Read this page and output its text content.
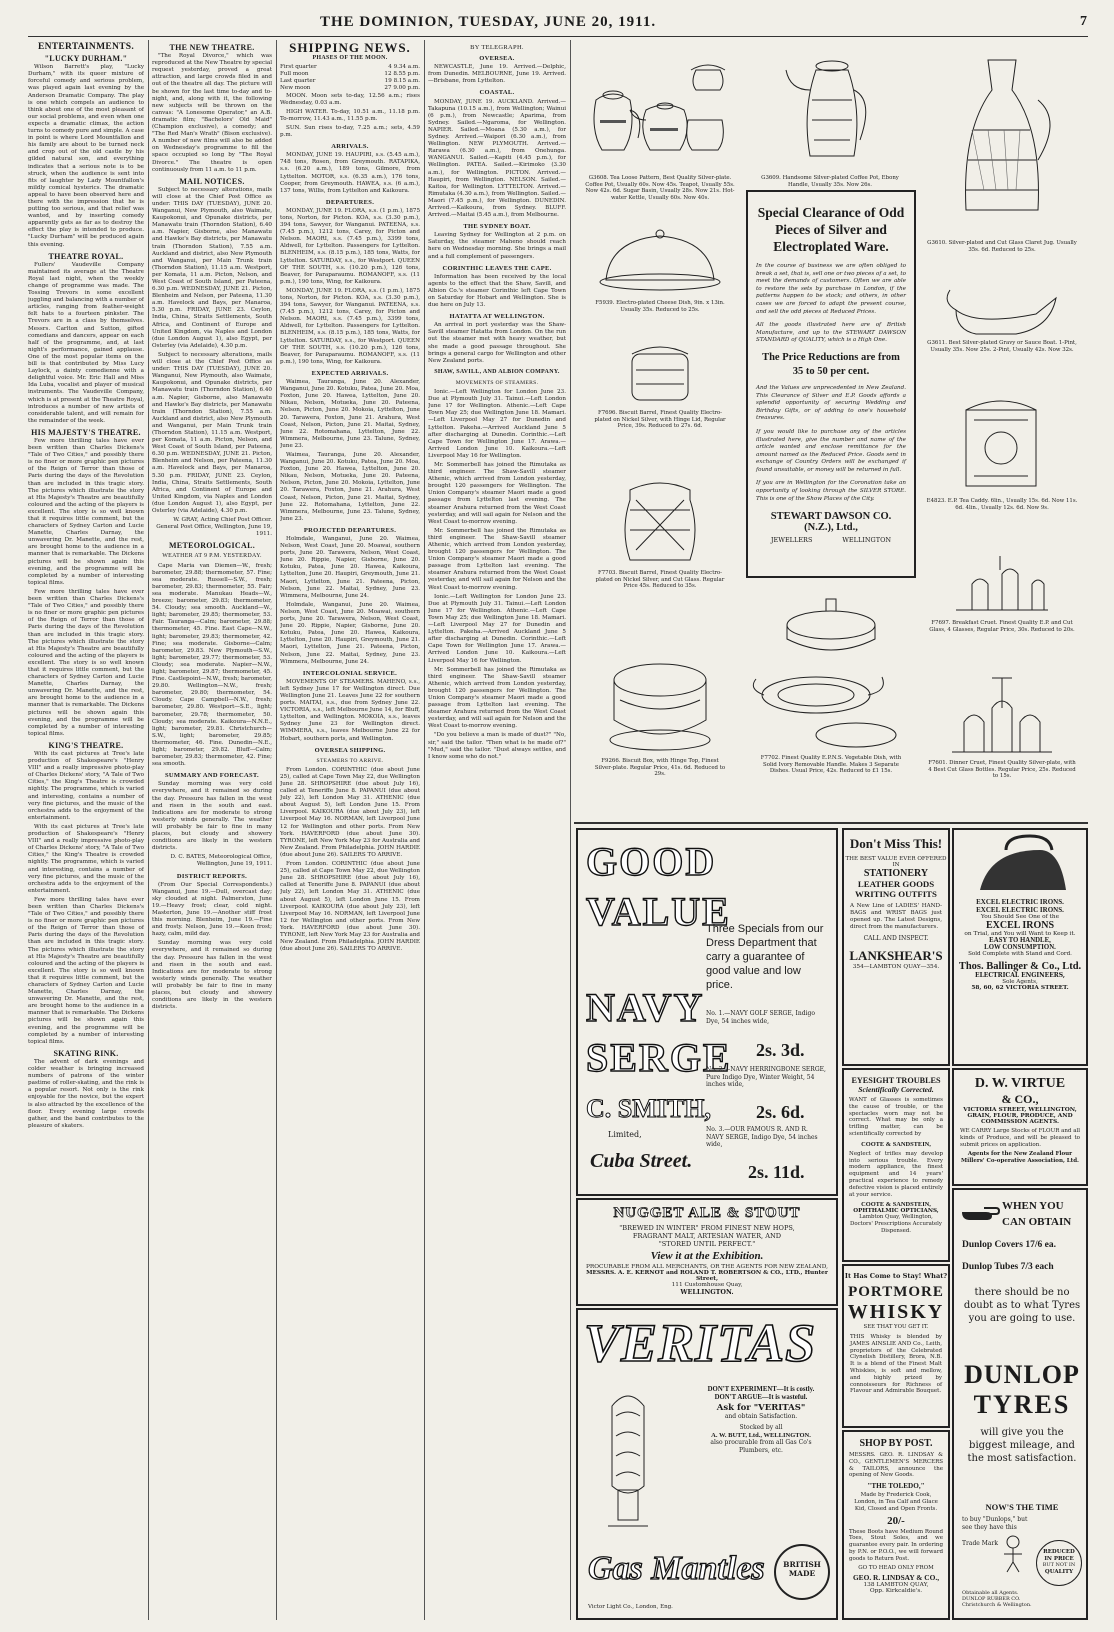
THE DOMINION, TUESDAY, JUNE 20, 1911.	7
ENTERTAINMENTS.
"LUCKY DURHAM."

Wilson Barrett's play, "Lucky Durham," with its queer mixture of forceful comedy and serious problem, was played again last evening by the Anderson Dramatic Company. The play is one which compels an audience to think about one of the most pleasant of our social problems, and even when one expects a dramatic climax, the action turns to comedy pure and simple. A case in point is where Lord Mountfallon and his family are about to be turned neck and crop out of the old castle by his gilded natural son, and everything indicates that a serious note is to be struck, when the audience is sent into fits of laughter by Lady Mountfallon's mildly comical hysterics. The dramatic appeal to have been observed here and there with the impression that he is putting too serious, and that relief was wanted, and by inserting comedy apparently gets as far as to destroy the effect the play is intended to produce. "Lucky Durham" will be produced again this evening.

THEATRE ROYAL.

Fullers' Vaudeville Company maintained its average at the Theatre Royal last night, when the weekly change of programme was made. The Tossing Trevors in some excellent juggling and balancing with a number of articles, ranging from feather-weight felt hats to a fourteen pinkster. The Trevors are in a class by themselves. Messrs. Carlton and Sutton, gifted comedians and dancers, appear on each half of the programme, and, at last night's performance, gained applause. One of the most popular items on the bill is that contributed by Miss Lucy Laylock, a dainty comedienne with a delightful voice. Mr. Eric Hall and Miss Ida Luba, vocalist and player of musical instruments. The Vaudeville Company, which is at present at the Theatre Royal, introduces a number of new artists of considerable talent, and will remain for the remainder of the week.

HIS MAJESTY'S THEATRE.

Few more thrilling tales have ever been written than Charles Dickens's "Tale of Two Cities," and possibly there is no finer or more graphic pen pictures of the Reign of Terror than those of Paris during the days of the Revolution than are included in this tragic story. The pictures which illustrate the story at His Majesty's Theatre are beautifully coloured and the acting of the players is excellent. The story is so well known that it requires little comment, but the characters of Sydney Carton and Lucie Manette, Charles Darnay, the unwavering Dr. Manette, and the rest, are brought home to the audience in a manner that is remarkable. The Dickens pictures will be shown again this evening, and the programme will be completed by a number of interesting topical films.

Few more thrilling tales have ever been written than Charles Dickens's "Tale of Two Cities," and possibly there is no finer or more graphic pen pictures of the Reign of Terror than those of Paris during the days of the Revolution than are included in this tragic story. The pictures which illustrate the story at His Majesty's Theatre are beautifully coloured and the acting of the players is excellent. The story is so well known that it requires little comment, but the characters of Sydney Carton and Lucie Manette, Charles Darnay, the unwavering Dr. Manette, and the rest, are brought home to the audience in a manner that is remarkable. The Dickens pictures will be shown again this evening, and the programme will be completed by a number of interesting topical films.

KING'S THEATRE.

With its cast pictures at Tree's late production of Shakespeare's "Henry VIII" and a really impressive photo-play of Charles Dickens' story, "A Tale of Two Cities," the King's Theatre is crowded nightly. The programme, which is varied and interesting, contains a number of very fine pictures, and the music of the orchestra adds to the enjoyment of the entertainment.

With its cast pictures at Tree's late production of Shakespeare's "Henry VIII" and a really impressive photo-play of Charles Dickens' story, "A Tale of Two Cities," the King's Theatre is crowded nightly. The programme, which is varied and interesting, contains a number of very fine pictures, and the music of the orchestra adds to the enjoyment of the entertainment.

Few more thrilling tales have ever been written than Charles Dickens's "Tale of Two Cities," and possibly there is no finer or more graphic pen pictures of the Reign of Terror than those of Paris during the days of the Revolution than are included in this tragic story. The pictures which illustrate the story at His Majesty's Theatre are beautifully coloured and the acting of the players is excellent. The story is so well known that it requires little comment, but the characters of Sydney Carton and Lucie Manette, Charles Darnay, the unwavering Dr. Manette, and the rest, are brought home to the audience in a manner that is remarkable. The Dickens pictures will be shown again this evening, and the programme will be completed by a number of interesting topical films.

SKATING RINK.

The advent of dark evenings and colder weather is bringing increased numbers of patrons of the winter pastime of roller-skating, and the rink is a popular resort. Not only is the rink enjoyable for the novice, but the expert is also attracted by the excellence of the floor. Every evening large crowds gather, and the band contributes to the pleasure of skaters.

THE NEW THEATRE.

"The Royal Divorce," which was reproduced at the New Theatre by special request yesterday, proved a great attraction, and large crowds filed in and out of the theatre all day. The picture will be shown for the last time to-day and to-night, and, along with it, the following new subjects will be thrown on the canvas: "A Lonesome Operator," an A.B. dramatic film; "Bachelors' Old Maid" (Champion exclusive), a comedy; and "The Red Man's Wrath" (Bison exclusive). A number of new films will also be added on Wednesday's programme to fill the space occupied so long by "The Royal Divorce." The theatre is open continuously from 11 a.m. to 11 p.m.

MAIL NOTICES.

Subject to necessary alterations, mails will close at the Chief Post Office as under: THIS DAY (TUESDAY), JUNE 20. Wanganui, New Plymouth, also Waimate, Kaupokonui, and Opunake districts, per Manawatu train (Thorndon Station), 6.40 a.m. Napier, Gisborne, also Manawatu and Hawke's Bay districts, per Manawatu train (Thorndon Station), 7.55 a.m. Auckland and district, also New Plymouth and Wanganui, per Main Trunk train (Thorndon Station), 11.15 a.m. Westport, per Komata, 11 a.m. Picton, Nelson, and West Coast of South Island, per Pateena, 6.30 p.m. WEDNESDAY, JUNE 21. Picton, Blenheim and Nelson, per Pateena, 11.30 a.m. Havelock and Bays, per Manaroa, 5.30 p.m. FRIDAY, JUNE 23. Ceylon, India, China, Straits Settlements, South Africa, and Continent of Europe and United Kingdom, via Naples and London (due London August 1), also Egypt, per Osterley (via Adelaide), 4.30 p.m.

Subject to necessary alterations, mails will close at the Chief Post Office as under: THIS DAY (TUESDAY), JUNE 20. Wanganui, New Plymouth, also Waimate, Kaupokonui, and Opunake districts, per Manawatu train (Thorndon Station), 6.40 a.m. Napier, Gisborne, also Manawatu and Hawke's Bay districts, per Manawatu train (Thorndon Station), 7.55 a.m. Auckland and district, also New Plymouth and Wanganui, per Main Trunk train (Thorndon Station), 11.15 a.m. Westport, per Komata, 11 a.m. Picton, Nelson, and West Coast of South Island, per Pateena, 6.30 p.m. WEDNESDAY, JUNE 21. Picton, Blenheim and Nelson, per Pateena, 11.30 a.m. Havelock and Bays, per Manaroa, 5.30 p.m. FRIDAY, JUNE 23. Ceylon, India, China, Straits Settlements, South Africa, and Continent of Europe and United Kingdom, via Naples and London (due London August 1), also Egypt, per Osterley (via Adelaide), 4.30 p.m.

W. GRAY, Acting Chief Post Officer. General Post Office, Wellington, June 19, 1911.

METEOROLOGICAL.
WEATHER AT 9 P.M. YESTERDAY.

Cape Maria van Diemen—W., fresh; barometer, 29.88; thermometer, 57. Fine; sea moderate. Russell—S.W., fresh; barometer, 29.83; thermometer, 55. Fair; sea moderate. Manukau Heads—W., breeze; barometer, 29.83; thermometer, 54. Cloudy; sea smooth. Auckland—W., light; barometer, 29.85; thermometer, 53. Fair. Tauranga—Calm; barometer, 29.88; thermometer, 45. Fine. East Cape—N.W., light; barometer, 29.83; thermometer, 42. Fine; sea moderate. Gisborne—Calm; barometer, 29.83. New Plymouth—S.W., light; barometer, 29.77; thermometer, 53. Cloudy; sea moderate. Napier—N.W., light; barometer, 29.87; thermometer, 45. Fine. Castlepoint—N.W., fresh; barometer, 29.80. Wellington—N.W., fresh; barometer, 29.80; thermometer, 54. Cloudy. Cape Campbell—N.W., fresh; barometer, 29.80. Westport—S.E., light; barometer, 29.78; thermometer, 50. Cloudy; sea moderate. Kaikoura—N.N.E., light; barometer, 29.81. Christchurch—S.W., light; barometer, 29.85; thermometer, 46. Fine. Dunedin—N.E., light; barometer, 29.82. Bluff—Calm; barometer, 29.83; thermometer, 42. Fine; sea smooth.

SUMMARY AND FORECAST.

Sunday morning was very cold everywhere, and it remained so during the day. Pressure has fallen in the west and risen in the south and east. Indications are for moderate to strong westerly winds generally. The weather will probably be fair to fine in many places, but cloudy and showery conditions are likely in the western districts.

D. C. BATES, Meteorological Office, Wellington, June 19, 1911.

DISTRICT REPORTS.

(From Our Special Correspondents.) Wanganui, June 19.—Dull, overcast day; sky clouded at night. Palmerston, June 19.—Heavy frost; clear, cold night. Masterton, June 19.—Another stiff frost this morning. Blenheim, June 19.—Fine and frosty. Nelson, June 19.—Keen frost; hazy, calm, mild day.

Sunday morning was very cold everywhere, and it remained so during the day. Pressure has fallen in the west and risen in the south and east. Indications are for moderate to strong westerly winds generally. The weather will probably be fair to fine in many places, but cloudy and showery conditions are likely in the western districts.

SHIPPING NEWS.
PHASES OF THE MOON.
First quarter	4 9.34 a.m.
Full moon	12 8.55 p.m.
Last quarter	19 8.15 a.m.
New moon	27 9.00 p.m.

MOON. Moon sets to-day, 12.56 a.m.; rises Wednesday, 0.03 a.m.

HIGH WATER. To-day, 10.51 a.m., 11.18 p.m. To-morrow, 11.43 a.m., 11.55 p.m.

SUN. Sun rises to-day, 7.25 a.m.; sets, 4.59 p.m.

ARRIVALS.

MONDAY, JUNE 19. HAUPIRI, s.s. (5.45 a.m.), 748 tons, Rosen, from Greymouth. RATAPIKA, s.s. (6.20 a.m.), 189 tons, Gilmore, from Lyttelton. MOTOR, s.s. (6.35 a.m.), 176 tons, Cooper, from Greymouth. HAWEA, s.s. (6 a.m.), 137 tons, Willis, from Lyttelton and Kaikoura.

DEPARTURES.

MONDAY, JUNE 19. FLORA, s.s. (1 p.m.), 1875 tons, Norton, for Picton. KOA, s.s. (3.30 p.m.), 394 tons, Sawyer, for Wanganui. PATEENA, s.s. (7.45 p.m.), 1212 tons, Carey, for Picton and Nelson. MAORI, s.s. (7.45 p.m.), 3399 tons, Aldwell, for Lyttelton. Passengers for Lyttelton. BLENHEIM, s.s. (8.15 p.m.), 185 tons, Watts, for Lyttelton. SATURDAY, s.s., for Westport. QUEEN OF THE SOUTH, s.s. (10.20 p.m.), 126 tons, Beaver, for Paraparaumu. ROMANOFF, s.s. (11 p.m.), 190 tons, Wing, for Kaikoura.

MONDAY, JUNE 19. FLORA, s.s. (1 p.m.), 1875 tons, Norton, for Picton. KOA, s.s. (3.30 p.m.), 394 tons, Sawyer, for Wanganui. PATEENA, s.s. (7.45 p.m.), 1212 tons, Carey, for Picton and Nelson. MAORI, s.s. (7.45 p.m.), 3399 tons, Aldwell, for Lyttelton. Passengers for Lyttelton. BLENHEIM, s.s. (8.15 p.m.), 185 tons, Watts, for Lyttelton. SATURDAY, s.s., for Westport. QUEEN OF THE SOUTH, s.s. (10.20 p.m.), 126 tons, Beaver, for Paraparaumu. ROMANOFF, s.s. (11 p.m.), 190 tons, Wing, for Kaikoura.

EXPECTED ARRIVALS.

Waimea, Tauranga, June 20. Alexander, Wanganui, June 20. Kotuku, Patea, June 20. Moa, Foxton, June 20. Hawea, Lyttelton, June 20. Nikau, Nelson, Motueka, June 20. Pateena, Nelson, Picton, June 20. Mokoia, Lyttelton, June 20. Tarawera, Foxton, June 21. Arahura, West Coast, Nelson, Picton, June 21. Maitai, Sydney, June 22. Rotomahana, Lyttelton, June 22. Wimmera, Melbourne, June 23. Talune, Sydney, June 23.

Waimea, Tauranga, June 20. Alexander, Wanganui, June 20. Kotuku, Patea, June 20. Moa, Foxton, June 20. Hawea, Lyttelton, June 20. Nikau, Nelson, Motueka, June 20. Pateena, Nelson, Picton, June 20. Mokoia, Lyttelton, June 20. Tarawera, Foxton, June 21. Arahura, West Coast, Nelson, Picton, June 21. Maitai, Sydney, June 22. Rotomahana, Lyttelton, June 22. Wimmera, Melbourne, June 23. Talune, Sydney, June 23.

PROJECTED DEPARTURES.

Holmdale, Wanganui, June 20. Waimea, Nelson, West Coast, June 20. Moawai, southern ports, June 20. Tarawera, Nelson, West Coast, June 20. Rippie, Napier, Gisborne, June 20. Kotuku, Patea, June 20. Hawea, Kaikoura, Lyttelton, June 20. Haupiri, Greymouth, June 21. Maori, Lyttelton, June 21. Pateena, Picton, Nelson, June 22. Maitai, Sydney, June 23. Wimmera, Melbourne, June 24.

Holmdale, Wanganui, June 20. Waimea, Nelson, West Coast, June 20. Moawai, southern ports, June 20. Tarawera, Nelson, West Coast, June 20. Rippie, Napier, Gisborne, June 20. Kotuku, Patea, June 20. Hawea, Kaikoura, Lyttelton, June 20. Haupiri, Greymouth, June 21. Maori, Lyttelton, June 21. Pateena, Picton, Nelson, June 22. Maitai, Sydney, June 23. Wimmera, Melbourne, June 24.

INTERCOLONIAL SERVICE.

MOVEMENTS OF STEAMERS. MAHENO, s.s., left Sydney June 17 for Wellington direct. Due Wellington June 21. Leaves June 22 for southern ports. MAITAI, s.s., due from Sydney June 22. VICTORIA, s.s., left Melbourne June 14, for Bluff, Lyttelton, and Wellington. MOKOIA, s.s., leaves Sydney June 23 for Wellington direct. WIMMERA, s.s., leaves Melbourne June 22 for Hobart, southern ports, and Wellington.

OVERSEA SHIPPING.
STEAMERS TO ARRIVE.

From London. CORINTHIC (due about June 25), called at Cape Town May 22, due Wellington June 28. SHROPSHIRE (due about July 16), called at Teneriffe June 8. PAPANUI (due about July 22), left London May 31. ATHENIC (due about August 5), left London June 15. From Liverpool. KAIKOURA (due about July 23), left Liverpool May 16. NORMAN, left Liverpool June 12 for Wellington and other ports. From New York. HAVERFORD (due about June 30). TYRONE, left New York May 23 for Australia and New Zealand. From Philadelphia. JOHN HARDIE (due about June 26). SAILERS TO ARRIVE.

From London. CORINTHIC (due about June 25), called at Cape Town May 22, due Wellington June 28. SHROPSHIRE (due about July 16), called at Teneriffe June 8. PAPANUI (due about July 22), left London May 31. ATHENIC (due about August 5), left London June 15. From Liverpool. KAIKOURA (due about July 23), left Liverpool May 16. NORMAN, left Liverpool June 12 for Wellington and other ports. From New York. HAVERFORD (due about June 30). TYRONE, left New York May 23 for Australia and New Zealand. From Philadelphia. JOHN HARDIE (due about June 26). SAILERS TO ARRIVE.

BY TELEGRAPH.
OVERSEA.

NEWCASTLE, June 19. Arrived.—Delphic, from Dunedin. MELBOURNE, June 19. Arrived.—Brisbane, from Lyttelton.

COASTAL.

MONDAY, JUNE 19. AUCKLAND. Arrived.—Takapuna (10.15 a.m.), from Wellington; Wainui (6 p.m.), from Newcastle; Aparima, from Sydney. Sailed.—Ngaroma, for Wellington. NAPIER. Sailed.—Moana (5.30 a.m.), for Sydney. Arrived.—Waipori (6.30 a.m.), from Wellington. NEW PLYMOUTH. Arrived.—Rarawa (6.30 a.m.), from Onehunga. WANGANUI. Sailed.—Kapiti (4.45 p.m.), for Wellington. PATEA. Sailed.—Kirimoko (3.30 a.m.), for Wellington. PICTON. Arrived.—Haupiri, from Wellington. NELSON. Sailed.—Kaitoa, for Wellington. LYTTELTON. Arrived.—Rimutaka (4.30 a.m.), from Wellington. Sailed.—Maori (7.45 p.m.), for Wellington. DUNEDIN. Arrived.—Kaikoura, from Sydney. BLUFF. Arrived.—Maitai (5.45 a.m.), from Melbourne.

THE SYDNEY BOAT.

Leaving Sydney for Wellington at 2 p.m. on Saturday, the steamer Maheno should reach here on Wednesday morning. She brings a mail and a full complement of passengers.

CORINTHIC LEAVES THE CAPE.

Information has been received by the local agents to the effect that the Shaw, Savill, and Albion Co.'s steamer Corinthic left Cape Town on Saturday for Hobart and Wellington. She is due here on July 13.

HATATTA AT WELLINGTON.

An arrival in port yesterday was the Shaw-Savill steamer Hatatta from London. On the run out the steamer met with heavy weather, but she made a good passage throughout. She brings a general cargo for Wellington and other New Zealand ports.

SHAW, SAVILL, AND ALBION COMPANY.
MOVEMENTS OF STEAMERS.

Ionic.—Left Wellington for London June 23. Due at Plymouth July 31. Tainui.—Left London June 17 for Wellington. Athenic.—Left Cape Town May 25; due Wellington June 18. Mamari.—Left Liverpool May 27 for Dunedin and Lyttelton. Pakeha.—Arrived Auckland June 5 after discharging at Dunedin. Corinthic.—Left Cape Town for Wellington June 17. Arawa.—Arrived London June 10. Kaikoura.—Left Liverpool May 16 for Wellington.

Mr. Sommerbell has joined the Rimutaka as third engineer. The Shaw-Savill steamer Athenic, which arrived from London yesterday, brought 120 passengers for Wellington. The Union Company's steamer Maori made a good passage from Lyttelton last evening. The steamer Arahura returned from the West Coast yesterday, and will sail again for Nelson and the West Coast to-morrow evening.

Mr. Sommerbell has joined the Rimutaka as third engineer. The Shaw-Savill steamer Athenic, which arrived from London yesterday, brought 120 passengers for Wellington. The Union Company's steamer Maori made a good passage from Lyttelton last evening. The steamer Arahura returned from the West Coast yesterday, and will sail again for Nelson and the West Coast to-morrow evening.

Ionic.—Left Wellington for London June 23. Due at Plymouth July 31. Tainui.—Left London June 17 for Wellington. Athenic.—Left Cape Town May 25; due Wellington June 18. Mamari.—Left Liverpool May 27 for Dunedin and Lyttelton. Pakeha.—Arrived Auckland June 5 after discharging at Dunedin. Corinthic.—Left Cape Town for Wellington June 17. Arawa.—Arrived London June 10. Kaikoura.—Left Liverpool May 16 for Wellington.

Mr. Sommerbell has joined the Rimutaka as third engineer. The Shaw-Savill steamer Athenic, which arrived from London yesterday, brought 120 passengers for Wellington. The Union Company's steamer Maori made a good passage from Lyttelton last evening. The steamer Arahura returned from the West Coast yesterday, and will sail again for Nelson and the West Coast to-morrow evening.

"Do you believe a man is made of dust?" "No, sir," said the tailor. "Then what is he made of?" "Mud," said the tailor. "Dust always settles, and I know some who do not."

G3608. Tea Loose Pattern, Best Quality Silver-plate. Coffee Pot, Usually 60s. Now 45s. Teapot, Usually 55s. Now 42s. 6d. Sugar Basin, Usually 28s. Now 21s. Hot-water Kettle, Usually 60s. Now 40s.
G3609. Handsome Silver-plated Coffee Pot, Ebony Handle, Usually 35s. Now 26s.
G3610. Silver-plated and Cut Glass Claret Jug. Usually 35s. 6d. Reduced to 25s.
F5939. Electro-plated Cheese Dish, 9in. x 13in. Usually 35s. Reduced to 25s.
Special Clearance of Odd Pieces of Silver and Electroplated Ware.
In the course of business we are often obliged to break a set, that is, sell one or two pieces of a set, to meet the demands of customers. Often we are able to restore the sets by purchase in London, if the patterns happen to be stock; and others, in other cases we are forced to adapt the present course, and sell the odd pieces at Reduced Prices.
All the goods illustrated here are of British Manufacture, and up to the STEWART DAWSON STANDARD of QUALITY, which is a High One.
The Price Reductions are from 35 to 50 per cent.
And the Values are unprecedented in New Zealand. This Clearance of Silver and E.P. Goods affords a splendid opportunity of securing Wedding and Birthday Gifts, or of adding to one's household treasures.
If you would like to purchase any of the articles illustrated here, give the number and name of the article wanted and enclose remittance for the amount named as the Reduced Price. Goods sent in exchange of Country Orders will be exchanged if found unsuitable, or money will be returned in full.
If you are in Wellington for the Coronation take an opportunity of looking through the SILVER STORE. This is one of the Show Places of the City.
STEWART DAWSON CO. (N.Z.), Ltd.,
JEWELLERS	WELLINGTON
G3611. Best Silver-plated Gravy or Sauce Boat. 1-Pint, Usually 35s. Now 25s. 2-Pint, Usually 42s. Now 32s.
F7696. Biscuit Barrel, Finest Quality Electro-plated on Nickel Silver, with Hinge Lid, Regular Price, 39s. Reduced to 27s. 6d.
E4823. E.P. Tea Caddy. 6lin., Usually 15s. 6d. Now 11s. 6d. 4lin., Usually 12s. 6d. Now 9s.
F7703. Biscuit Barrel, Finest Quality Electro-plated on Nickel Silver, and Cut Glass. Regular Price 45s. Reduced to 35s.
F7697. Breakfast Cruet. Finest Quality E.P. and Cut Glass, 4 Glasses, Regular Price, 30s. Reduced to 20s.
F9266. Biscuit Box, with Hinge Top, Finest Silver-plate. Regular Price, 41s. 6d. Reduced to 29s.
F7702. Finest Quality E.P.N.S. Vegetable Dish, with Solid Ivory Removable Handle. Makes 3 Separate Dishes. Usual Price, 42s. Reduced to £1 15s.
F7601. Dinner Cruet, Finest Quality Silver-plate, with 4 Best Cut Glass Bottles. Regular Price, 25s. Reduced to 15s.
GOOD
VALUE
NAVY
SERGE
C. SMITH,
Limited,
Cuba Street.
Three Specials from our Dress Department that carry a guarantee of good value and low price.
No. 1.—NAVY GOLF SERGE, Indigo Dye, 54 inches wide,
2s. 3d.
No. 2.—NAVY HERRINGBONE SERGE, Pure Indigo Dye, Winter Weight, 54 inches wide,
2s. 6d.
No. 3.—OUR FAMOUS R. AND R. NAVY SERGE, Indigo Dye, 54 inches wide,
2s. 11d.
NUGGET ALE & STOUT
"BREWED IN WINTER" FROM FINEST NEW HOPS,
FRAGRANT MALT, ARTESIAN WATER, AND
"STORED UNTIL PERFECT."
View it at the Exhibition.
PROCURABLE FROM ALL MERCHANTS, OR THE AGENTS FOR NEW ZEALAND,
MESSRS. A. E. KERNOT and ROLAND T. ROBERTSON & CO., LTD., Hunter Street,
111 Customhouse Quay,
WELLINGTON.
VERITAS
DON'T EXPERIMENT—It is costly.
DON'T ARGUE—It is wasteful.
Ask for "VERITAS"
and obtain Satisfaction.
Stocked by all
A. W. BUTT, Ltd., WELLINGTON.
also procurable from all Gas Co's
Plumbers, etc.
Gas Mantles	BRITISH
MADE
Victor Light Co., London, Eng.
Don't Miss This!
THE BEST VALUE EVER OFFERED
IN
STATIONERY
LEATHER GOODS
WRITING OUTFITS
A New Line of LADIES' HAND-BAGS and WRIST BAGS just opened up. The Latest Designs, direct from the manufacturers.
CALL AND INSPECT.
LANKSHEAR'S
354—LAMBTON QUAY—354.
EXCEL ELECTRIC IRONS.
EXCEL ELECTRIC IRONS.
You Should See One of the
EXCEL IRONS
on Trial, and You will Want to Keep it.
EASY TO HANDLE,
LOW CONSUMPTION.
Sold Complete with Stand and Cord.
Thos. Ballinger & Co., Ltd.
ELECTRICAL ENGINEERS,
Sole Agents,
58, 60, 62 VICTORIA STREET.
EYESIGHT TROUBLES
Scientifically Corrected.
WANT of Glasses is sometimes the cause of trouble, or the spectacles worn may not be correct. What may be only a trifling matter, can be scientifically corrected by
COOTE & SANDSTEIN,
Neglect of trifles may develop into serious trouble. Every modern appliance, the finest equipment and 14 years' practical experience to remedy defective vision is placed entirely at your service.
COOTE & SANDSTEIN,
OPHTHALMIC OPTICIANS,
Lambton Quay, Wellington, Doctors' Prescriptions Accurately Dispensed.
D. W. VIRTUE
& CO.,
VICTORIA STREET, WELLINGTON,
GRAIN, FLOUR, PRODUCE, AND
COMMISSION AGENTS.
WE CARRY Large Stocks of FLOUR and all kinds of Produce, and will be pleased to submit prices on application.
Agents for the New Zealand Flour Millers' Co-operative Association, Ltd.
It Has Come to Stay! What?
PORTMORE
WHISKY
SEE THAT YOU GET IT.
THIS Whisky is blended by JAMES AINSLIE AND Co., Leith, proprietors of the Celebrated Clynelish Distillery, Brora, N.B. It is a blend of the Finest Malt Whiskies, is soft and mellow, and highly prized by connoisseurs for Richness of Flavour and Admirable Bouquet.
SHOP BY POST.
MESSRS. GEO. R. LINDSAY & CO., GENTLEMEN'S MERCERS & TAILORS, announce the opening of New Goods.
"THE TOLEDO,"
Made by Frederick Cook, London, in Tea Calf and Glace Kid, Closed and Open Fronts.
20/-
These Boots have Medium Round Toes, Stout Soles, and we guarantee every pair. In ordering by P.N. or P.O.O., we will forward goods to Return Post.
GO TO HEAD ONLY FROM
GEO. R. LINDSAY & CO.,
138 LAMBTON QUAY,
Opp. Kirkcaldie's.
WHEN YOU
CAN OBTAIN
Dunlop Covers 17/6 ea.
Dunlop Tubes 7/3 each
there should be no doubt as to what Tyres you are going to use.
DUNLOP
TYRES
will give you the biggest mileage, and the most satisfaction.
NOW'S THE TIME
to buy "Dunlops," but see they have this
Trade Mark
REDUCED
IN PRICE
BUT NOT IN
QUALITY
Obtainable all Agents. DUNLOP RUBBER CO. Christchurch & Wellington.
